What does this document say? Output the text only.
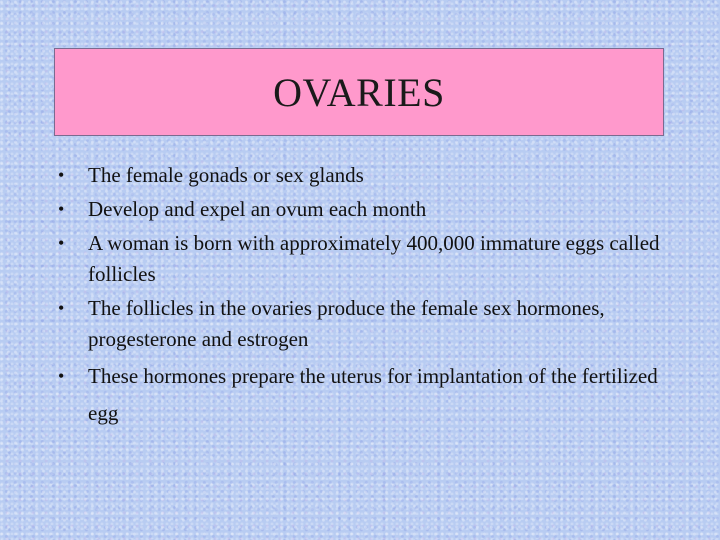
OVARIES
• The female gonads or sex glands
• Develop and expel an ovum each month
• A woman is born with approximately 400,000 immature eggs called follicles
• The follicles in the ovaries produce the female sex hormones, progesterone and estrogen
• These hormones prepare the uterus for implantation of the fertilized egg
